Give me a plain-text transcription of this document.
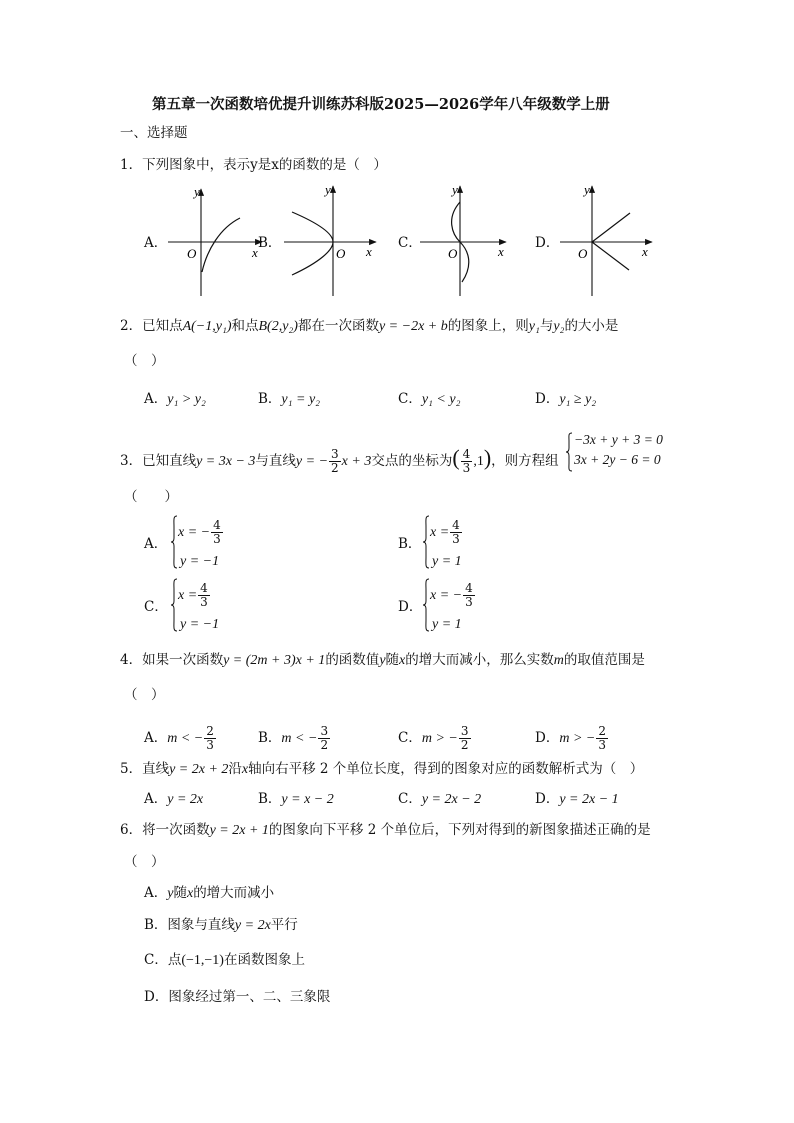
第五章一次函数培优提升训练苏科版2025—2026学年八年级数学上册
一、选择题
1．下列图象中，表示y是x的函数的是（　）
A．	B．	C．	D．
y
x
O
y
x
O
y
x
O
y
x
O
2．已知点A(−1,y₁)和点B(2,y₂)都在一次函数y = −2x + b的图象上，则y₁与y₂的大小是
（　）
A．y₁ > y₂	B．y₁ = y₂	C．y₁ < y₂	D．y₁ ≥ y₂
3．已知直线y = 3x − 3与直线y = − $\frac{3}{2}$ x + 3交点的坐标为( $\frac{4}{3} ,1$)，则方程组
−3x + y + 3 = 0
3x + 2y − 6 = 0
（　　）
A．
x = − $\frac{4}{3}$
y = −1
B．
$x = \frac{4}{3}$
y = 1
C．
$x = \frac{4}{3}$
y = −1
D．
x = − $\frac{4}{3}$
y = 1
4．如果一次函数y = (2m + 3)x + 1的函数值y随x的增大而减小，那么实数m的取值范围是
（　）
A．m < − $\frac{2}{3}$	B．m < − $\frac{3}{2}$	C．m > − $\frac{3}{2}$	D．m > − $\frac{2}{3}$
5．直线y = 2x + 2沿x轴向右平移 2 个单位长度，得到的图象对应的函数解析式为（　）
A．y = 2x	B．y = x − 2	C．y = 2x − 2	D．y = 2x − 1
6．将一次函数y = 2x + 1的图象向下平移 2 个单位后，下列对得到的新图象描述正确的是
（　）
A．y随x的增大而减小
B．图象与直线y = 2x平行
C．点(−1,−1)在函数图象上
D．图象经过第一、二、三象限
